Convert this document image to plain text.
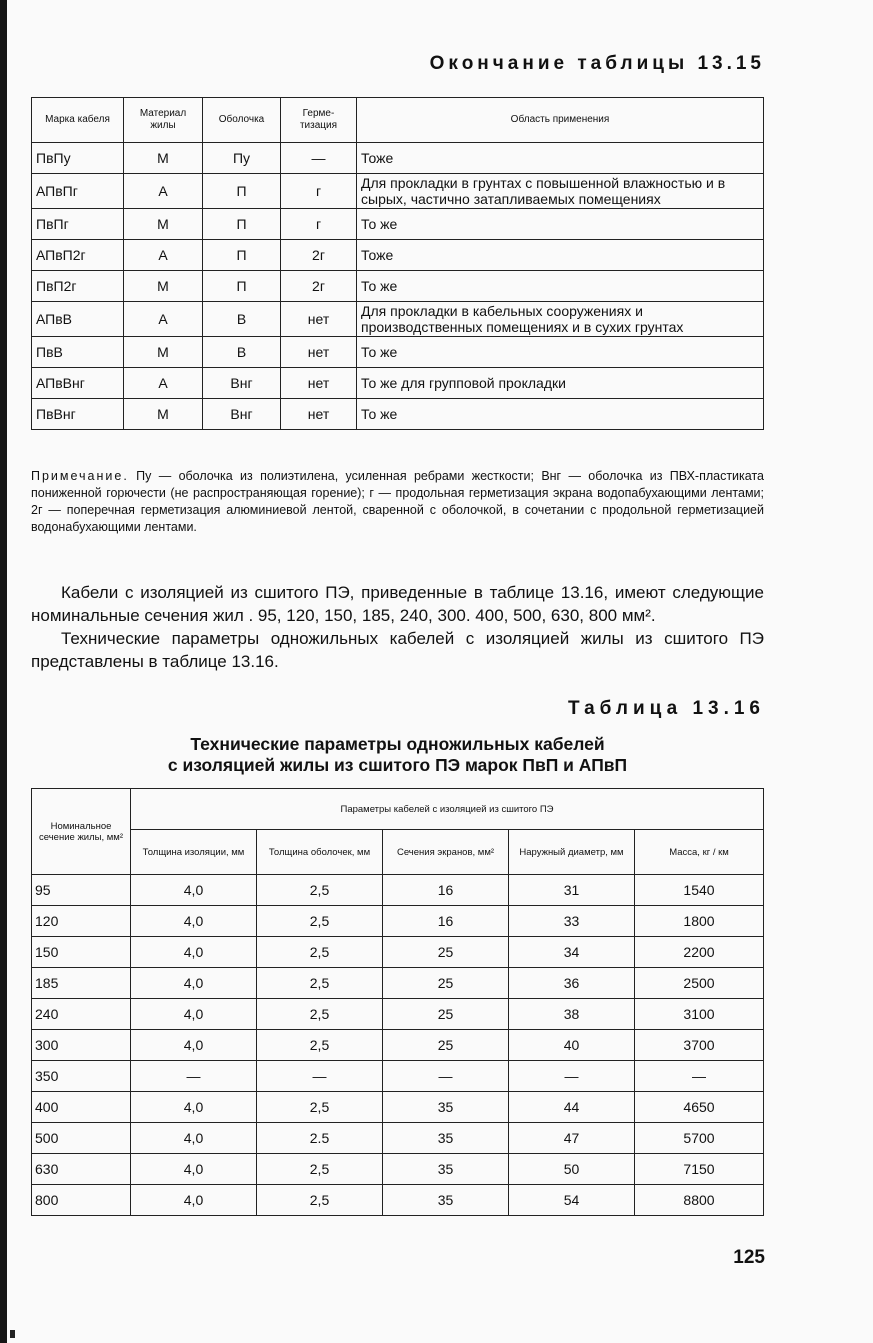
Окончание таблицы 13.15
Марка кабеля	Материал жилы	Оболочка	Герме-тизация	Область применения
ПвПу	М	Пу	—	Тоже
АПвПг	А	П	г	Для прокладки в грунтах с повышенной влажностью и в сырых, частично затапливаемых помещениях
ПвПг	М	П	г	То же
АПвП2г	А	П	2г	Тоже
ПвП2г	М	П	2г	То же
АПвВ	А	В	нет	Для прокладки в кабельных сооружениях и производственных помещениях и в сухих грунтах
ПвВ	М	В	нет	То же
АПвВнг	А	Внг	нет	То же для групповой прокладки
ПвВнг	М	Внг	нет	То же
Примечание. Пу — оболочка из полиэтилена, усиленная ребрами жесткости; Внг — оболочка из ПВХ-пластиката пониженной горючести (не распространяющая горение); г — продольная герметизация экрана водопабухающими лентами; 2г — поперечная герметизация алюминиевой лентой, сваренной с оболочкой, в сочетании с продольной герметизацией водонабухающими лентами.
Кабели с изоляцией из сшитого ПЭ, приведенные в таблице 13.16, имеют следующие номинальные сечения жил . 95, 120, 150, 185, 240, 300. 400, 500, 630, 800 мм².
Технические параметры одножильных кабелей с изоляцией жилы из сшитого ПЭ представлены в таблице 13.16.
Таблица 13.16
Технические параметры одножильных кабелей
с изоляцией жилы из сшитого ПЭ марок ПвП и АПвП
Номинальное сечение жилы, мм²	Параметры кабелей с изоляцией из сшитого ПЭ				
	Толщина изоляции, мм	Толщина оболочек, мм	Сечения экранов, мм²	Наружный диаметр, мм	Масса, кг / км
95	4,0	2,5	16	31	1540
120	4,0	2,5	16	33	1800
150	4,0	2,5	25	34	2200
185	4,0	2,5	25	36	2500
240	4,0	2,5	25	38	3100
300	4,0	2,5	25	40	3700
350	—	—	—	—	—
400	4,0	2,5	35	44	4650
500	4,0	2.5	35	47	5700
630	4,0	2,5	35	50	7150
800	4,0	2,5	35	54	8800
125
